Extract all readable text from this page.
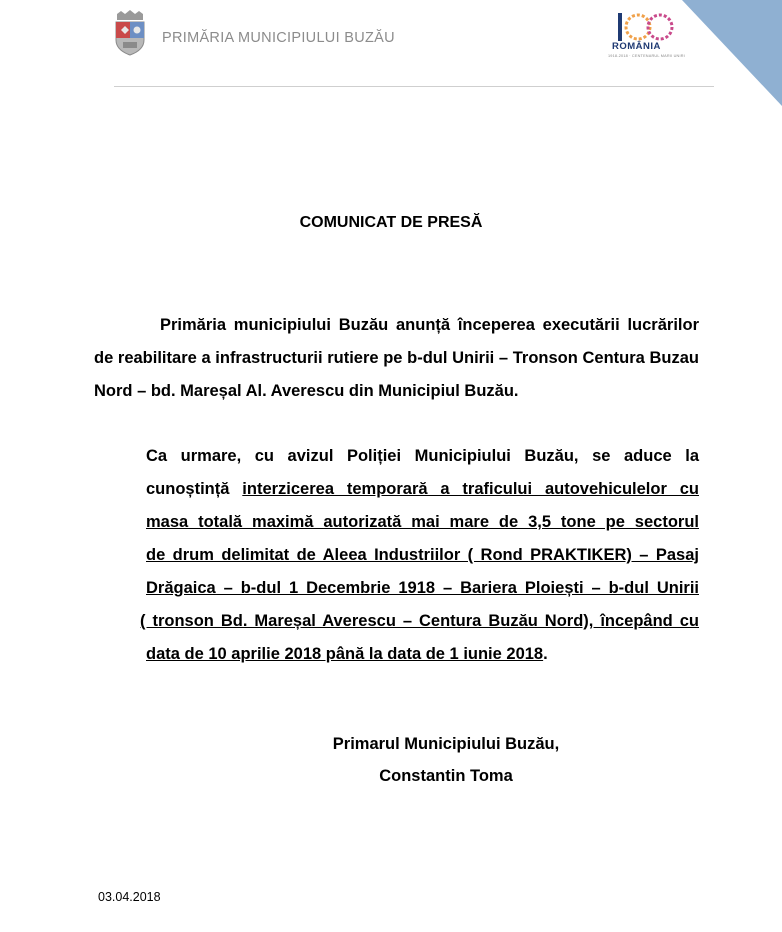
PRIMĂRIA MUNICIPIULUI BUZĂU
ROMÂNIA
1918-2018 · CENTENARUL MARII UNIRI
COMUNICAT DE PRESĂ
Primăria municipiului Buzău anunță începerea executării lucrărilor de reabilitare a infrastructurii rutiere pe b-dul Unirii – Tronson Centura Buzau Nord – bd. Mareșal Al. Averescu din Municipiul Buzău.
Ca urmare, cu avizul Poliției Municipiului Buzău, se aduce la
cunoștință interzicerea temporară a traficului autovehiculelor cu
masa totală maximă autorizată mai mare de 3,5 tone pe sectorul
de drum delimitat de Aleea Industriilor ( Rond PRAKTIKER) – Pasaj
Drăgaica – b-dul 1 Decembrie 1918 – Bariera Ploiești – b-dul Unirii
( tronson Bd. Mareșal Averescu – Centura Buzău Nord), începând cu
data de 10 aprilie 2018 până la data de 1 iunie 2018.
Primarul Municipiului Buzău,
Constantin Toma
03.04.2018
